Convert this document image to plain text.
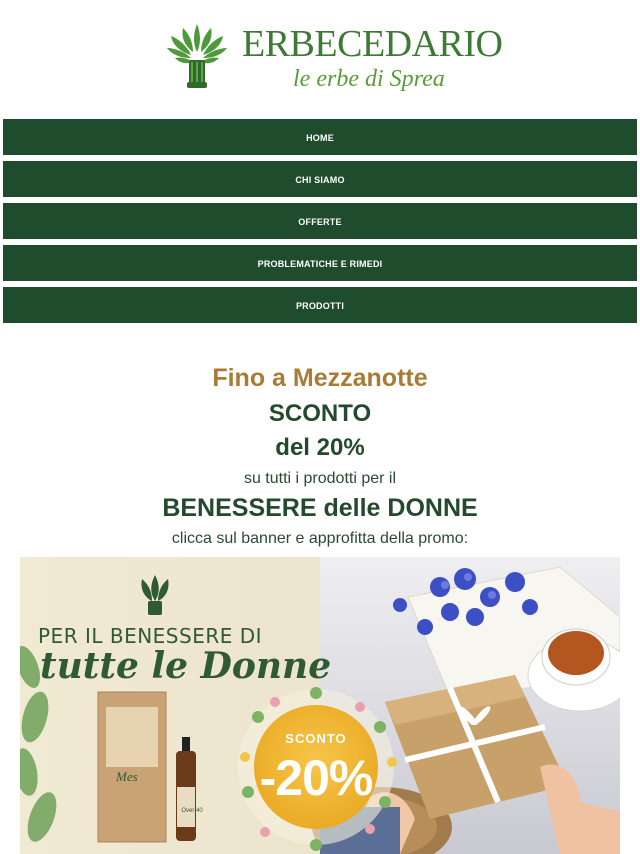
ERBECEDARIO
le erbe di Sprea
HOME
CHI SIAMO
OFFERTE
PROBLEMATICHE E RIMEDI
PRODOTTI
Fino a Mezzanotte
SCONTO
del 20%
su tutti i prodotti per il
BENESSERE delle DONNE
clicca sul banner e approfitta della promo:
PER IL BENESSERE DI
tutte le Donne
Mes
Over 40
SCONTO
-20%
